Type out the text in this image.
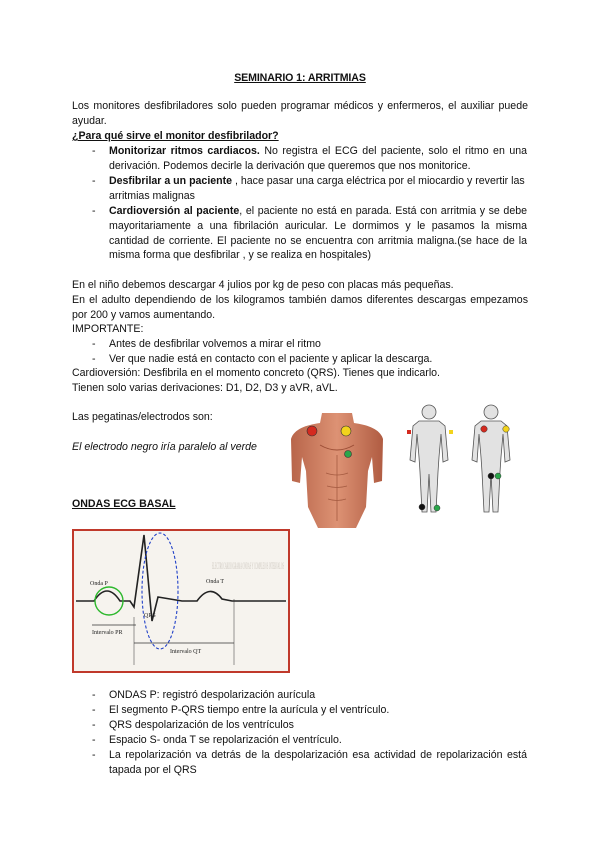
SEMINARIO 1: ARRITMIAS
Los monitores desfibriladores solo pueden programar médicos y enfermeros, el auxiliar puede ayudar.
¿Para qué sirve el monitor desfibrilador?
- Monitorizar ritmos cardiacos. No registra el ECG del paciente, solo el ritmo en una derivación. Podemos decirle la derivación que queremos que nos monitorice.
- Desfibrilar a un paciente , hace pasar una carga eléctrica por el miocardio y revertir las arritmias malignas
- Cardioversión al paciente, el paciente no está en parada. Está con arritmia y se debe mayoritariamente a una fibrilación auricular. Le dormimos y le pasamos la misma cantidad de corriente. El paciente no se encuentra con arritmia maligna.(se hace de la misma forma que desfibrilar , y se realiza en hospitales)
En el niño debemos descargar 4 julios por kg de peso con placas más pequeñas.
En el adulto dependiendo de los kilogramos también damos diferentes descargas empezamos por 200 y vamos aumentando.
IMPORTANTE:
- Antes de desfibrilar volvemos a mirar el ritmo
- Ver que nadie está en contacto con el paciente y aplicar la descarga.
Cardioversión: Desfibrila en el momento concreto (QRS). Tienes que indicarlo.
Tienen solo varias derivaciones: D1, D2, D3 y aVR, aVL.
Las pegatinas/electrodos son:
El electrodo negro iría paralelo al verde
ONDAS ECG BASAL
ELECTROCARDIOGRAMA ONDAS Y COMPLEJOS INTERVALOS
Onda P
QRS
Onda T
Intervalo PR
Intervalo QT
- ONDAS P: registró despolarización aurícula
- El segmento P-QRS tiempo entre la aurícula y el ventrículo.
- QRS despolarización de los ventrículos
- Espacio S- onda T se repolarización el ventrículo.
- La repolarización va detrás de la despolarización esa actividad de repolarización está tapada por el QRS
